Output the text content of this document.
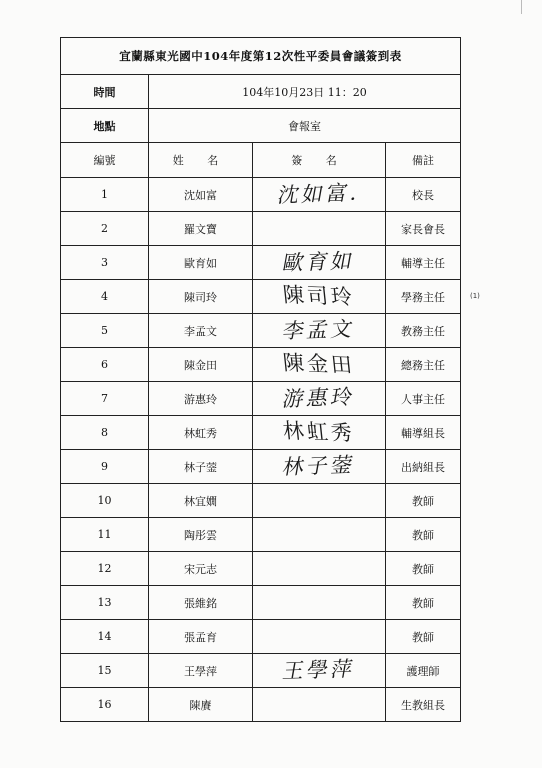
宜蘭縣東光國中104年度第12次性平委員會議簽到表			
時間	104年10月23日 11：20		
地點	會報室		
編號	姓 名	簽 名	備註
1	沈如富	沈如富.	校長
2	羅文寶		家長會長
3	歐育如	歐育如	輔導主任
4	陳司玲	陳司玲	學務主任
5	李孟文	李孟文	教務主任
6	陳金田	陳金田	總務主任
7	游惠玲	游惠玲	人事主任
8	林虹秀	林虹秀	輔導組長
9	林子蓥	林子蓥	出納組長
10	林宜嫺		教師
11	陶彤雲		教師
12	宋元志		教師
13	張維銘		教師
14	張孟育		教師
15	王學萍	王學萍	護理師
16	陳賡		生教組長
(1)
